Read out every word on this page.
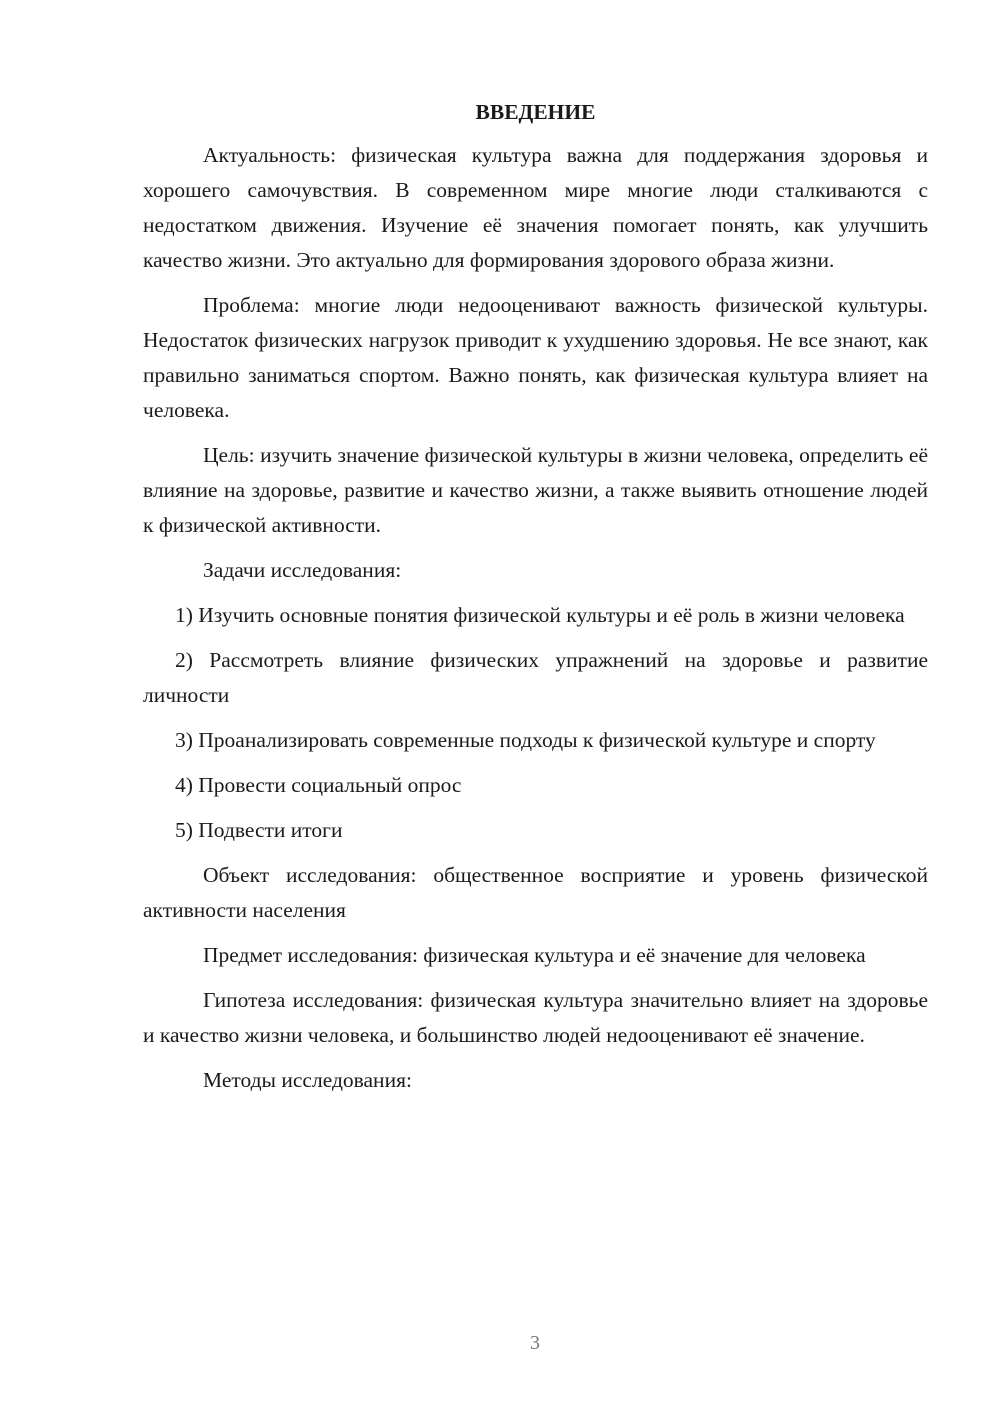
ВВЕДЕНИЕ

Актуальность: физическая культура важна для поддержания здоровья и хорошего самочувствия. В современном мире многие люди сталкиваются с недостатком движения. Изучение её значения помогает понять, как улучшить качество жизни. Это актуально для формирования здорового образа жизни.

Проблема: многие люди недооценивают важность физической культуры. Недостаток физических нагрузок приводит к ухудшению здоровья. Не все знают, как правильно заниматься спортом. Важно понять, как физическая культура влияет на человека.

Цель: изучить значение физической культуры в жизни человека, определить её влияние на здоровье, развитие и качество жизни, а также выявить отношение людей к физической активности.

Задачи исследования:

1) Изучить основные понятия физической культуры и её роль в жизни человека

2) Рассмотреть влияние физических упражнений на здоровье и развитие личности

3) Проанализировать современные подходы к физической культуре и спорту

4) Провести социальный опрос

5) Подвести итоги

Объект исследования: общественное восприятие и уровень физической активности населения

Предмет исследования: физическая культура и её значение для человека

Гипотеза исследования: физическая культура значительно влияет на здоровье и качество жизни человека, и большинство людей недооценивают её значение.

Методы исследования:

3
